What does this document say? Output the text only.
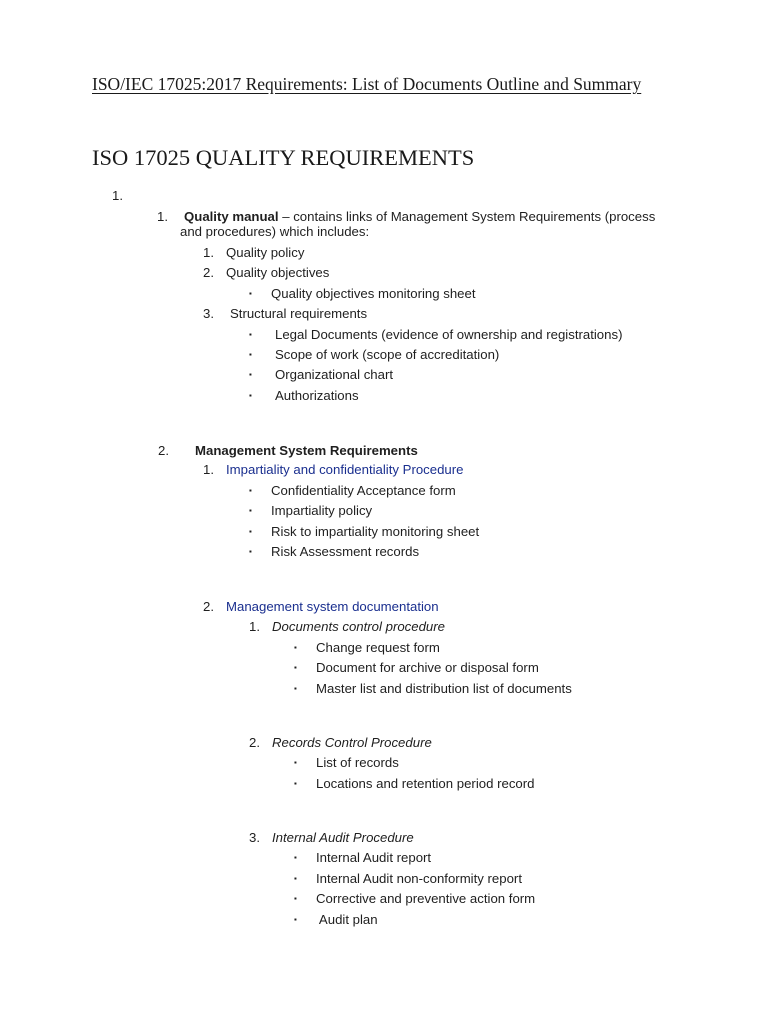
ISO/IEC 17025:2017 Requirements: List of Documents Outline and Summary
ISO 17025 QUALITY REQUIREMENTS
1.
1. Quality manual – contains links of Management System Requirements (process
and procedures) which includes:
1. Quality policy
2. Quality objectives
▪ Quality objectives monitoring sheet
3. Structural requirements
▪ Legal Documents (evidence of ownership and registrations)
▪ Scope of work (scope of accreditation)
▪ Organizational chart
▪ Authorizations
2. Management System Requirements
1. Impartiality and confidentiality Procedure
▪ Confidentiality Acceptance form
▪ Impartiality policy
▪ Risk to impartiality monitoring sheet
▪ Risk Assessment records
2. Management system documentation
1. Documents control procedure
▪ Change request form
▪ Document for archive or disposal form
▪ Master list and distribution list of documents
2. Records Control Procedure
▪ List of records
▪ Locations and retention period record
3. Internal Audit Procedure
▪ Internal Audit report
▪ Internal Audit non-conformity report
▪ Corrective and preventive action form
▪ Audit plan
